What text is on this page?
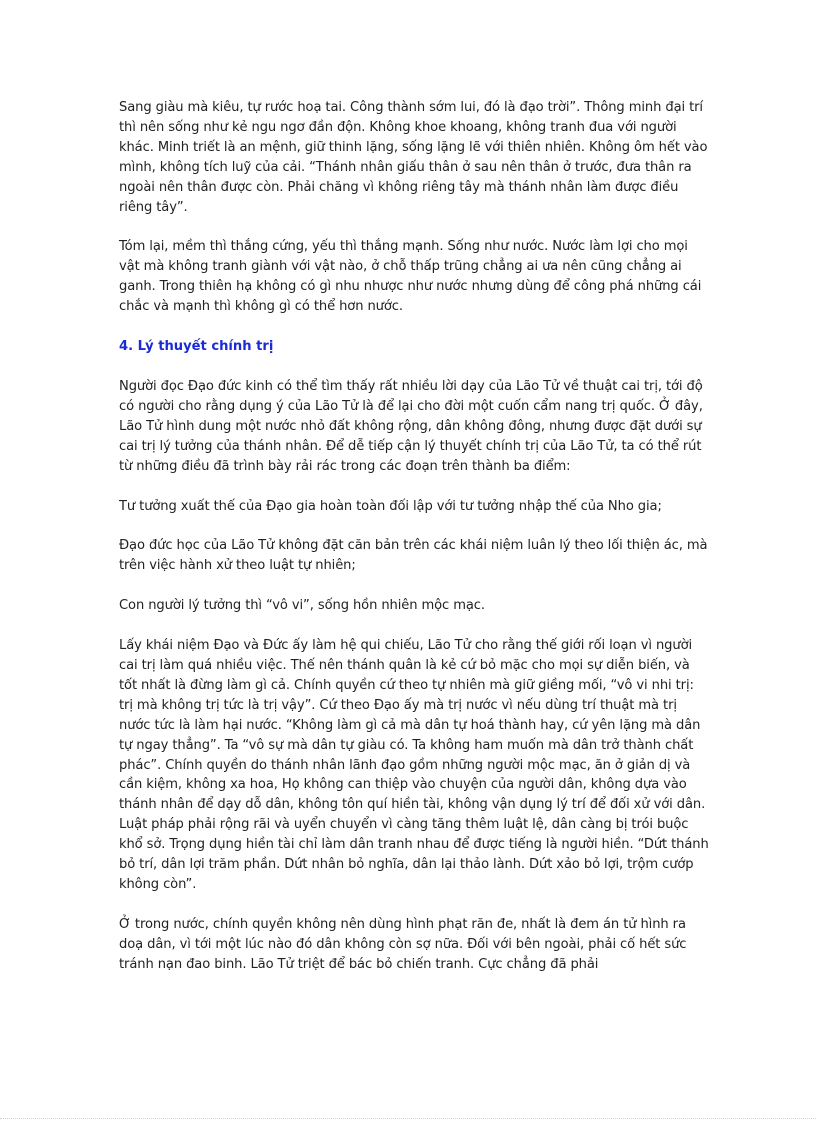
Sang giàu mà kiêu, tự rước hoạ tai. Công thành sớm lui, đó là đạo trời”. Thông minh đại trí thì nên sống như kẻ ngu ngơ đần độn. Không khoe khoang, không tranh đua với người khác. Minh triết là an mệnh, giữ thinh lặng, sống lặng lẽ với thiên nhiên. Không ôm hết vào mình, không tích luỹ của cải. “Thánh nhân giấu thân ở sau nên thân ở trước, đưa thân ra ngoài nên thân được còn. Phải chăng vì không riêng tây mà thánh nhân làm được điều riêng tây”.

Tóm lại, mềm thì thắng cứng, yếu thì thắng mạnh. Sống như nước. Nước làm lợi cho mọi vật mà không tranh giành với vật nào, ở chỗ thấp trũng chẳng ai ưa nên cũng chẳng ai ganh. Trong thiên hạ không có gì nhu nhược như nước nhưng dùng để công phá những cái chắc và mạnh thì không gì có thể hơn nước.

4. Lý thuyết chính trị

Người đọc Đạo đức kinh có thể tìm thấy rất nhiều lời dạy của Lão Tử về thuật cai trị, tới độ có người cho rằng dụng ý của Lão Tử là để lại cho đời một cuốn cẩm nang trị quốc. Ở đây, Lão Tử hình dung một nước nhỏ đất không rộng, dân không đông, nhưng được đặt dưới sự cai trị lý tưởng của thánh nhân. Để dễ tiếp cận lý thuyết chính trị của Lão Tử, ta có thể rút từ những điều đã trình bày rải rác trong các đoạn trên thành ba điểm:

Tư tưởng xuất thế của Đạo gia hoàn toàn đối lập với tư tưởng nhập thế của Nho gia;

Đạo đức học của Lão Tử không đặt căn bản trên các khái niệm luân lý theo lối thiện ác, mà trên việc hành xử theo luật tự nhiên;

Con người lý tưởng thì “vô vi”, sống hồn nhiên mộc mạc.

Lấy khái niệm Đạo và Đức ấy làm hệ qui chiếu, Lão Tử cho rằng thế giới rối loạn vì người cai trị làm quá nhiều việc. Thế nên thánh quân là kẻ cứ bỏ mặc cho mọi sự diễn biến, và tốt nhất là đừng làm gì cả. Chính quyền cứ theo tự nhiên mà giữ giềng mối, “vô vi nhi trị: trị mà không trị tức là trị vậy”. Cứ theo Đạo ấy mà trị nước vì nếu dùng trí thuật mà trị nước tức là làm hại nước. “Không làm gì cả mà dân tự hoá thành hay, cứ yên lặng mà dân tự ngay thẳng”. Ta “vô sự mà dân tự giàu có. Ta không ham muốn mà dân trở thành chất phác”. Chính quyền do thánh nhân lãnh đạo gồm những người mộc mạc, ăn ở giản dị và cần kiệm, không xa hoa, Họ không can thiệp vào chuyện của người dân, không dựa vào thánh nhân để dạy dỗ dân, không tôn quí hiền tài, không vận dụng lý trí để đối xử với dân. Luật pháp phải rộng rãi và uyển chuyển vì càng tăng thêm luật lệ, dân càng bị trói buộc khổ sở. Trọng dụng hiền tài chỉ làm dân tranh nhau để được tiếng là người hiền. “Dứt thánh bỏ trí, dân lợi trăm phần. Dứt nhân bỏ nghĩa, dân lại thảo lành. Dứt xảo bỏ lợi, trộm cướp không còn”.

Ở trong nước, chính quyền không nên dùng hình phạt răn đe, nhất là đem án tử hình ra doạ dân, vì tới một lúc nào đó dân không còn sợ nữa. Đối với bên ngoài, phải cố hết sức tránh nạn đao binh. Lão Tử triệt để bác bỏ chiến tranh. Cực chẳng đã phải
